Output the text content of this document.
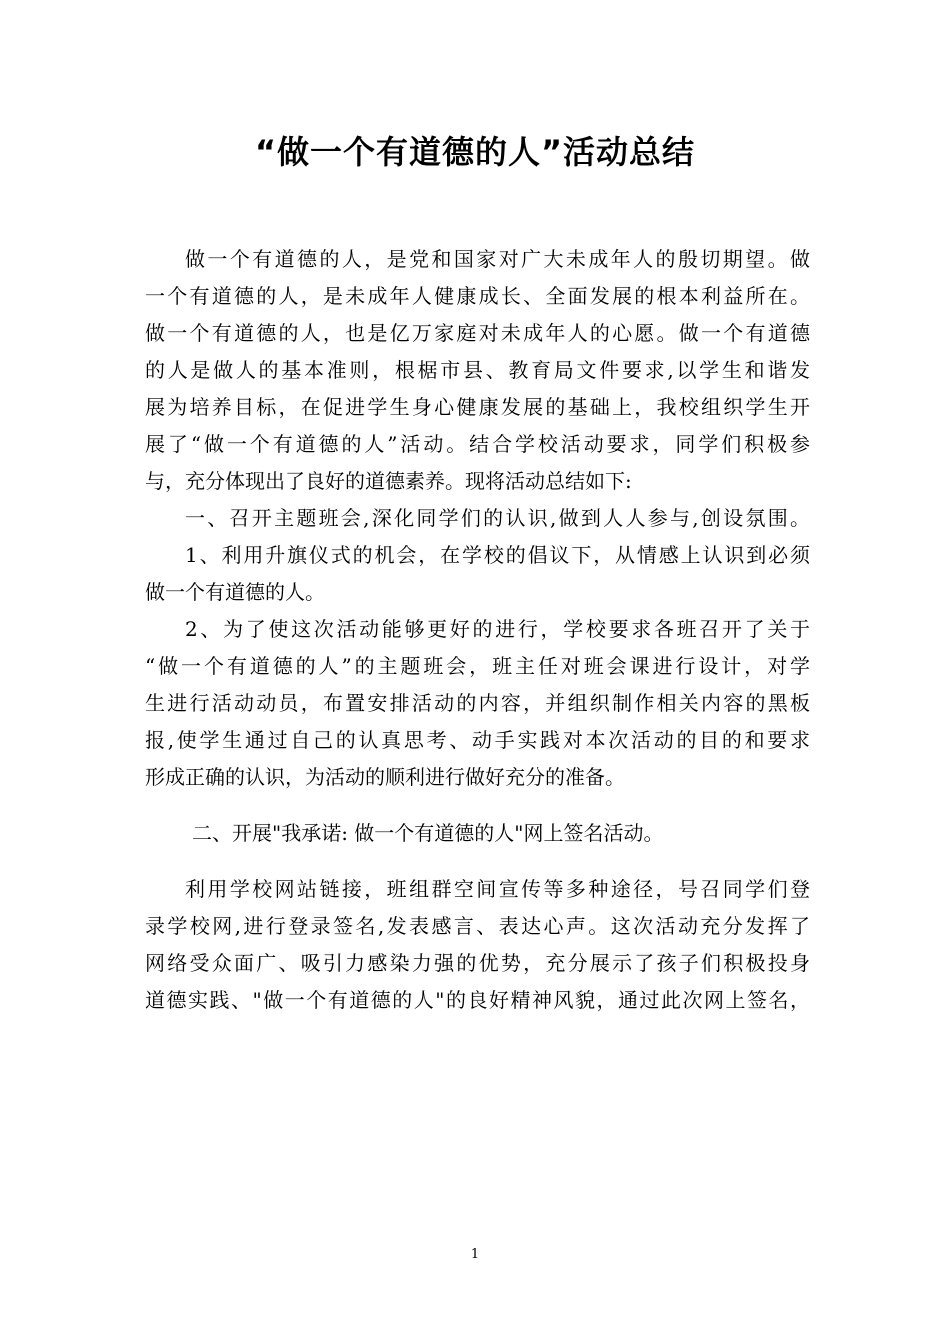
“做一个有道德的人”活动总结

做一个有道德的人，是党和国家对广大未成年人的殷切期望。做

一个有道德的人，是未成年人健康成长、全面发展的根本利益所在。

做一个有道德的人，也是亿万家庭对未成年人的心愿。做一个有道德

的人是做人的基本准则，根椐市县、教育局文件要求,以学生和谐发

展为培养目标，在促进学生身心健康发展的基础上，我校组织学生开

展了“做一个有道德的人”活动。结合学校活动要求，同学们积极参

与，充分体现出了良好的道德素养。现将活动总结如下:

一、召开主题班会,深化同学们的认识,做到人人参与,创设氛围。

1、利用升旗仪式的机会，在学校的倡议下，从情感上认识到必须

做一个有道德的人。

2、为了使这次活动能够更好的进行，学校要求各班召开了关于

“做一个有道德的人”的主题班会，班主任对班会课进行设计，对学

生进行活动动员，布置安排活动的内容，并组织制作相关内容的黑板

报,使学生通过自己的认真思考、动手实践对本次活动的目的和要求

形成正确的认识，为活动的顺利进行做好充分的准备。

二、开展"我承诺: 做一个有道德的人"网上签名活动。

利用学校网站链接，班组群空间宣传等多种途径，号召同学们登

录学校网,进行登录签名,发表感言、表达心声。这次活动充分发挥了

网络受众面广、吸引力感染力强的优势，充分展示了孩子们积极投身

道德实践、"做一个有道德的人"的良好精神风貌，通过此次网上签名，

1
